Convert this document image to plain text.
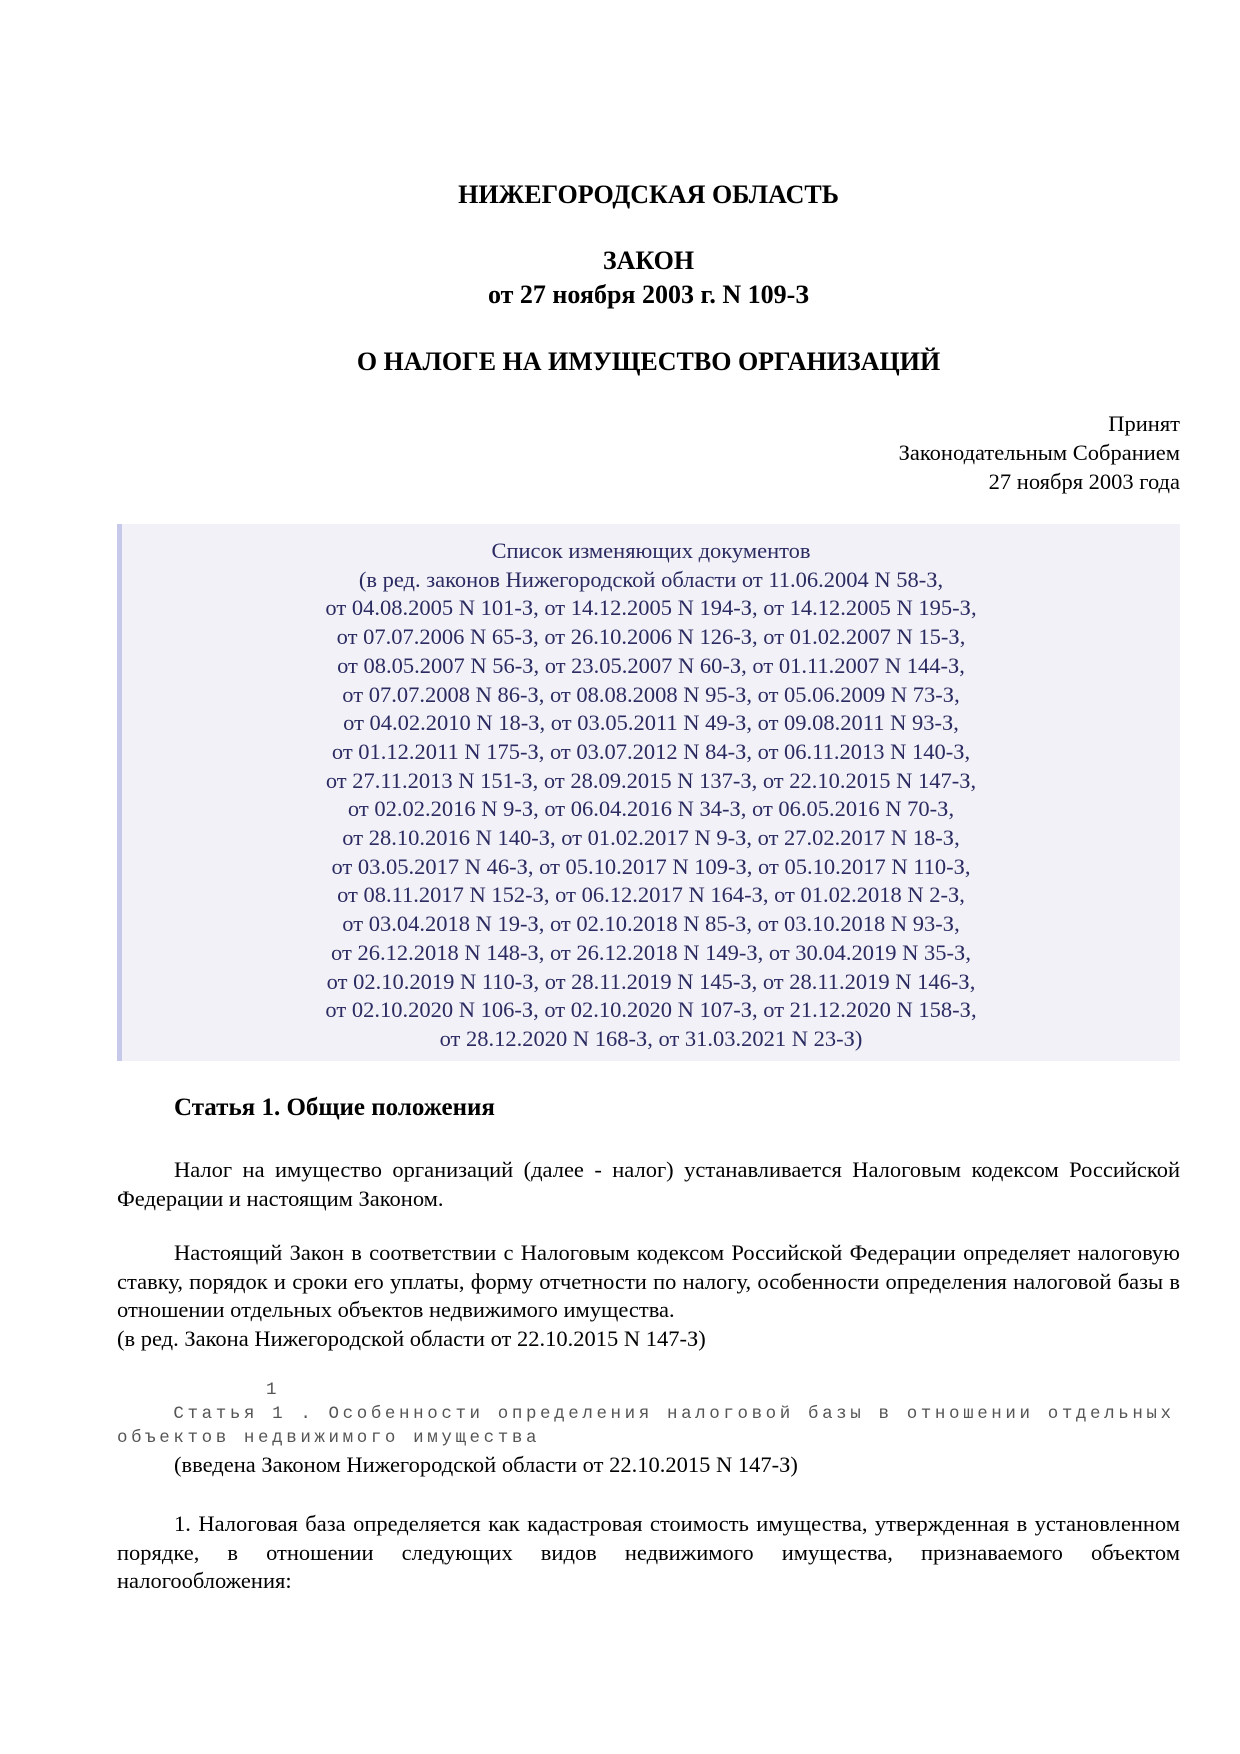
НИЖЕГОРОДСКАЯ ОБЛАСТЬ
ЗАКОН
от 27 ноября 2003 г. N 109-З
О НАЛОГЕ НА ИМУЩЕСТВО ОРГАНИЗАЦИЙ
Принят
Законодательным Собранием
27 ноября 2003 года
Список изменяющих документов
(в ред. законов Нижегородской области от 11.06.2004 N 58-З,
от 04.08.2005 N 101-З, от 14.12.2005 N 194-З, от 14.12.2005 N 195-З,
от 07.07.2006 N 65-З, от 26.10.2006 N 126-З, от 01.02.2007 N 15-З,
от 08.05.2007 N 56-З, от 23.05.2007 N 60-З, от 01.11.2007 N 144-З,
от 07.07.2008 N 86-З, от 08.08.2008 N 95-З, от 05.06.2009 N 73-З,
от 04.02.2010 N 18-З, от 03.05.2011 N 49-З, от 09.08.2011 N 93-З,
от 01.12.2011 N 175-З, от 03.07.2012 N 84-З, от 06.11.2013 N 140-З,
от 27.11.2013 N 151-З, от 28.09.2015 N 137-З, от 22.10.2015 N 147-З,
от 02.02.2016 N 9-З, от 06.04.2016 N 34-З, от 06.05.2016 N 70-З,
от 28.10.2016 N 140-З, от 01.02.2017 N 9-З, от 27.02.2017 N 18-З,
от 03.05.2017 N 46-З, от 05.10.2017 N 109-З, от 05.10.2017 N 110-З,
от 08.11.2017 N 152-З, от 06.12.2017 N 164-З, от 01.02.2018 N 2-З,
от 03.04.2018 N 19-З, от 02.10.2018 N 85-З, от 03.10.2018 N 93-З,
от 26.12.2018 N 148-З, от 26.12.2018 N 149-З, от 30.04.2019 N 35-З,
от 02.10.2019 N 110-З, от 28.11.2019 N 145-З, от 28.11.2019 N 146-З,
от 02.10.2020 N 106-З, от 02.10.2020 N 107-З, от 21.12.2020 N 158-З,
от 28.12.2020 N 168-З, от 31.03.2021 N 23-З)
Статья 1. Общие положения
Налог на имущество организаций (далее - налог) устанавливается Налоговым кодексом Российской Федерации и настоящим Законом.
Настоящий Закон в соответствии с Налоговым кодексом Российской Федерации определяет налоговую ставку, порядок и сроки его уплаты, форму отчетности по налогу, особенности определения налоговой базы в отношении отдельных объектов недвижимого имущества.
(в ред. Закона Нижегородской области от 22.10.2015 N 147-З)
1
Статья 1 . Особенности определения налоговой базы в отношении отдельных
объектов недвижимого имущества
(введена Законом Нижегородской области от 22.10.2015 N 147-З)
1. Налоговая база определяется как кадастровая стоимость имущества, утвержденная в установленном порядке, в отношении следующих видов недвижимого имущества, признаваемого объектом налогообложения:
